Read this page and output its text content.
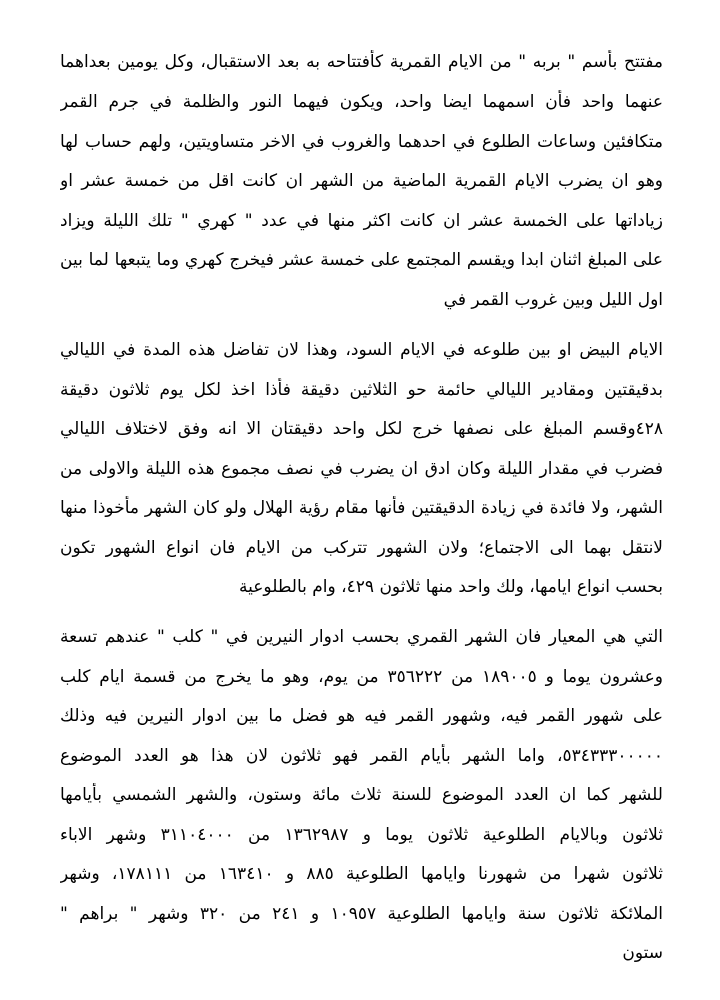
مفتتح بأسم " بربه " من الايام القمرية كأفتتاحه به بعد الاستقبال، وكل يومين بعداهما
عنهما واحد فأن اسمهما ايضا واحد، ويكون فيهما النور والظلمة في جرم القمر
متكافئين وساعات الطلوع في احدهما والغروب في الاخر متساويتين، ولهم حساب لها
وهو ان يضرب الايام القمرية الماضية من الشهر ان كانت اقل من خمسة عشر او
زياداتها على الخمسة عشر ان كانت اكثر منها في عدد " كهري " تلك الليلة ويزاد
على المبلغ اثنان ابدا ويقسم المجتمع على خمسة عشر فيخرج كهري وما يتبعها لما بين
اول الليل وبين غروب القمر في
الايام البيض او بين طلوعه في الايام السود، وهذا لان تفاضل هذه المدة في الليالي
بدقيقتين ومقادير الليالي حائمة حو الثلاثين دقيقة فأذا اخذ لكل يوم ثلاثون دقيقة
٤٢٨وقسم المبلغ على نصفها خرج لكل واحد دقيقتان الا انه وفق لاختلاف الليالي
فضرب في مقدار الليلة وكان ادق ان يضرب في نصف مجموع هذه الليلة والاولى من
الشهر، ولا فائدة في زيادة الدقيقتين فأنها مقام رؤية الهلال ولو كان الشهر مأخوذا منها
لانتقل بهما الى الاجتماع؛ ولان الشهور تتركب من الايام فان انواع الشهور تكون
بحسب انواع ايامها، ولك واحد منها ثلاثون ٤٢٩، وام بالطلوعية
التي هي المعيار فان الشهر القمري بحسب ادوار النيرين في " كلب " عندهم تسعة
وعشرون يوما و ١٨٩٠٠٥ من ٣٥٦٢٢٢ من يوم، وهو ما يخرج من قسمة ايام كلب
على شهور القمر فيه، وشهور القمر فيه هو فضل ما بين ادوار النيرين فيه وذلك
٥٣٤٣٣٣٠٠٠٠٠، واما الشهر بأيام القمر فهو ثلاثون لان هذا هو العدد الموضوع
للشهر كما ان العدد الموضوع للسنة ثلاث مائة وستون، والشهر الشمسي بأيامها
ثلاثون وبالايام الطلوعية ثلاثون يوما و ١٣٦٢٩٨٧ من ٣١١٠٤٠٠٠ وشهر الاباء
ثلاثون شهرا من شهورنا وايامها الطلوعية ٨٨٥ و ١٦٣٤١٠ من ١٧٨١١١، وشهر
الملائكة ثلاثون سنة وايامها الطلوعية ١٠٩٥٧ و ٢٤١ من ٣٢٠ وشهر " براهم "
ستون
